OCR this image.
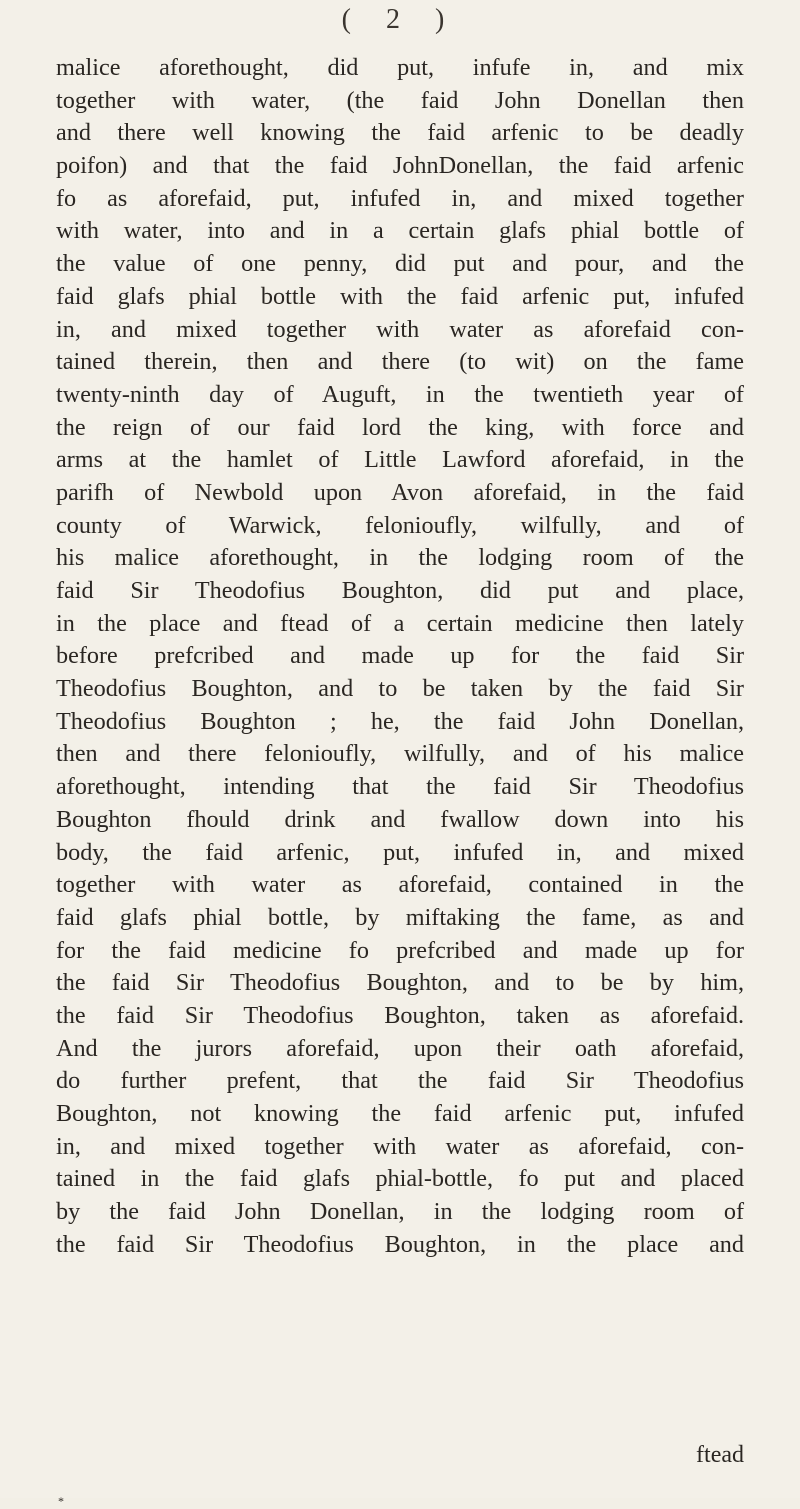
( 2 )
malice aforethought, did put, infufe in, and mix
together with water, (the faid John Donellan then
and there well knowing the faid arfenic to be deadly
poifon) and that the faid JohnDonellan, the faid arfenic
fo as aforefaid, put, infufed in, and mixed together
with water, into and in a certain glafs phial bottle of
the value of one penny, did put and pour, and the
faid glafs phial bottle with the faid arfenic put, infufed
in, and mixed together with water as aforefaid con-
tained therein, then and there (to wit) on the fame
twenty-ninth day of Auguft, in the twentieth year of
the reign of our faid lord the king, with force and
arms at the hamlet of Little Lawford aforefaid, in the
parifh of Newbold upon Avon aforefaid, in the faid
county of Warwick, felonioufly, wilfully, and of
his malice aforethought, in the lodging room of the
faid Sir Theodofius Boughton, did put and place,
in the place and ftead of a certain medicine then lately
before prefcribed and made up for the faid Sir
Theodofius Boughton, and to be taken by the faid Sir
Theodofius Boughton ; he, the faid John Donellan,
then and there felonioufly, wilfully, and of his malice
aforethought, intending that the faid Sir Theodofius
Boughton fhould drink and fwallow down into his
body, the faid arfenic, put, infufed in, and mixed
together with water as aforefaid, contained in the
faid glafs phial bottle, by miftaking the fame, as and
for the faid medicine fo prefcribed and made up for
the faid Sir Theodofius Boughton, and to be by him,
the faid Sir Theodofius Boughton, taken as aforefaid.
And the jurors aforefaid, upon their oath aforefaid,
do further prefent, that the faid Sir Theodofius
Boughton, not knowing the faid arfenic put, infufed
in, and mixed together with water as aforefaid, con-
tained in the faid glafs phial-bottle, fo put and placed
by the faid John Donellan, in the lodging room of
the faid Sir Theodofius Boughton, in the place and
ftead
*
